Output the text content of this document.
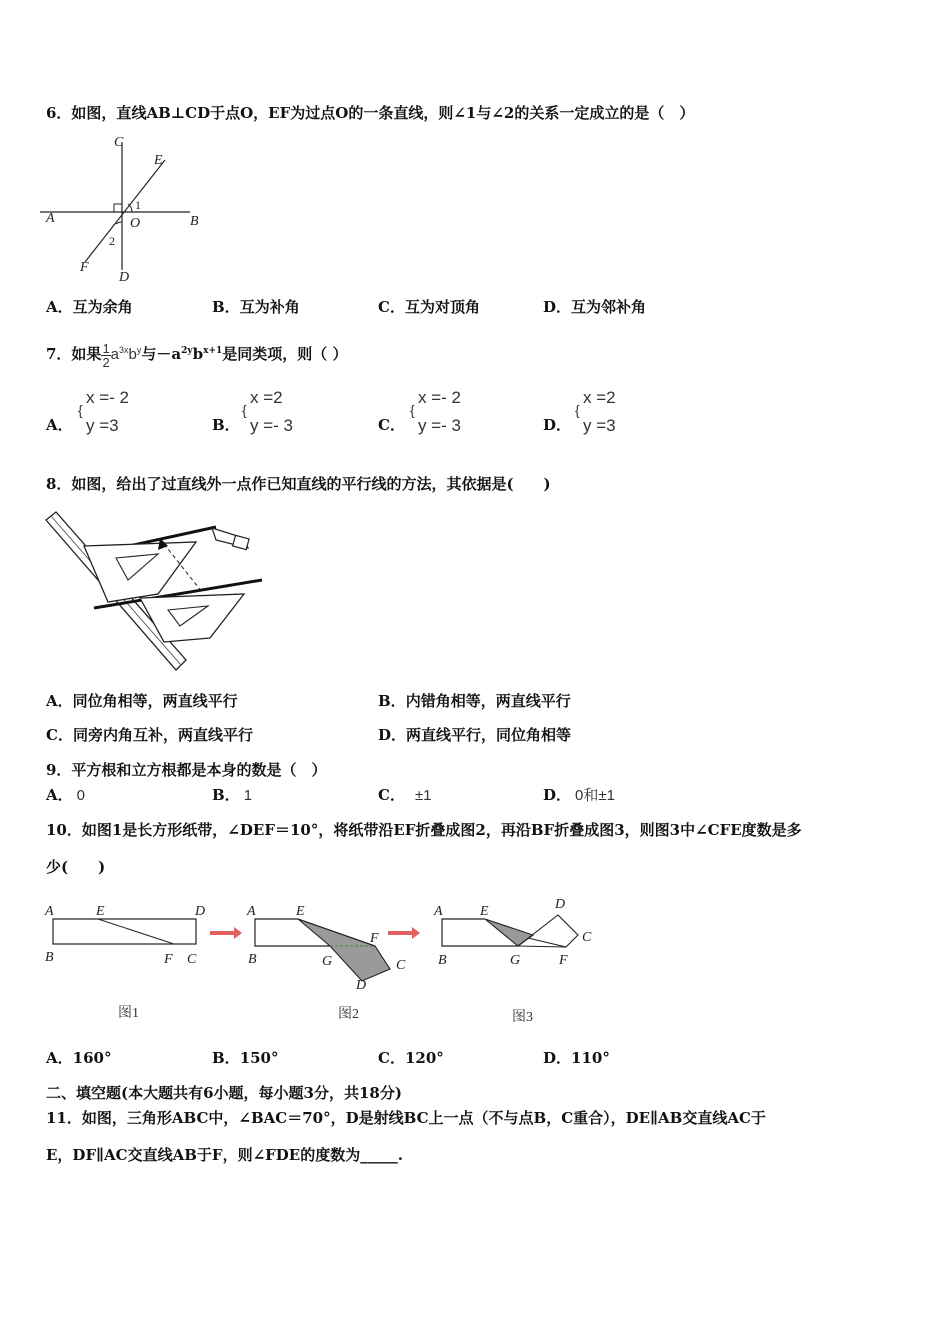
6．如图，直线AB⊥CD于点O，EF为过点O的一条直线，则∠1与∠2的关系一定成立的是（　）
C
E
A	B
O
1
2
F
D
A．互为余角	B．互为补角	C．互为对顶角	D．互为邻补角
7．如果 $\frac{1}{2} a^{3x}b^y$与$-a^{2y}b^{x+1}$是同类项，则（ ）
A．
{
x =- 2
y =3	B．
{
x =2
y =- 3	C．
{
x =- 2
y =- 3	D．
{
x =2
y =3
8．如图，给出了过直线外一点作已知直线的平行线的方法，其依据是(　　)
A．同位角相等，两直线平行	B．内错角相等，两直线平行
C．同旁内角互补，两直线平行	D．两直线平行，同位角相等
9．平方根和立方根都是本身的数是（　）
A． 0	B． 1	C． ±1	D． 0和±1
10．如图1是长方形纸带，∠DEF＝10°，将纸带沿EF折叠成图2，再沿BF折叠成图3，则图3中∠CFE度数是多
少(　　)
A	E	D
B	F C
图1
A	E
F
B	G	C
D
图2
A	E	D
C
B	G	F
图3
A．160°	B．150°	C．120°	D．110°
二、填空题(本大题共有6小题，每小题3分，共18分)
11．如图，三角形ABC中，∠BAC＝70°，D是射线BC上一点（不与点B，C重合），DE∥AB交直线AC于
E，DF∥AC交直线AB于F，则∠FDE的度数为_____.
